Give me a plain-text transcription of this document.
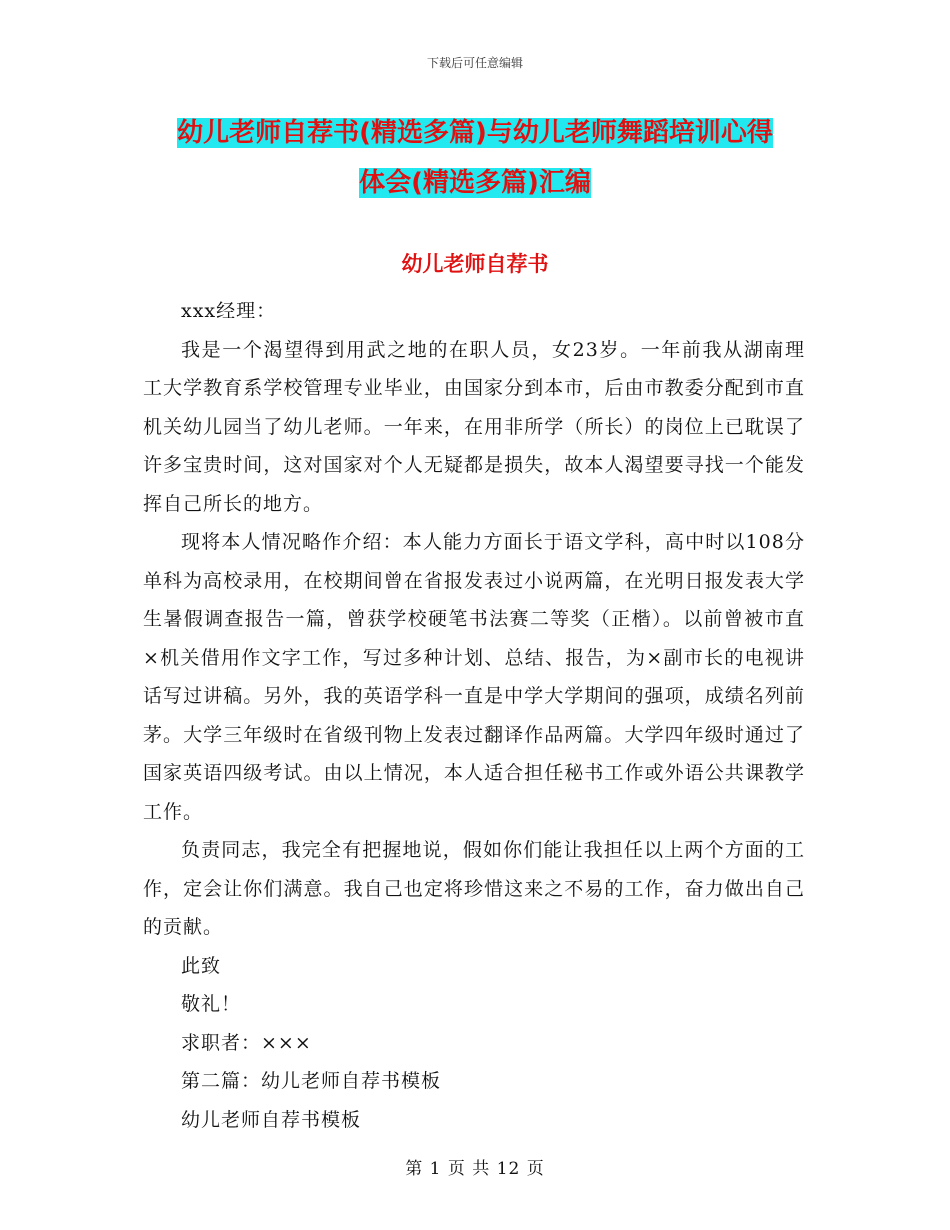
下载后可任意编辑
幼儿老师自荐书(精选多篇)与幼儿老师舞蹈培训心得
体会(精选多篇)汇编
幼儿老师自荐书

xxx经理：

我是一个渴望得到用武之地的在职人员，女23岁。一年前我从湖南理工大学教育系学校管理专业毕业，由国家分到本市，后由市教委分配到市直机关幼儿园当了幼儿老师。一年来，在用非所学（所长）的岗位上已耽误了许多宝贵时间，这对国家对个人无疑都是损失，故本人渴望要寻找一个能发挥自己所长的地方。

现将本人情况略作介绍：本人能力方面长于语文学科，高中时以108分单科为高校录用，在校期间曾在省报发表过小说两篇，在光明日报发表大学生暑假调查报告一篇，曾获学校硬笔书法赛二等奖（正楷）。以前曾被市直×机关借用作文字工作，写过多种计划、总结、报告，为×副市长的电视讲话写过讲稿。另外，我的英语学科一直是中学大学期间的强项，成绩名列前茅。大学三年级时在省级刊物上发表过翻译作品两篇。大学四年级时通过了国家英语四级考试。由以上情况，本人适合担任秘书工作或外语公共课教学工作。

负责同志，我完全有把握地说，假如你们能让我担任以上两个方面的工作，定会让你们满意。我自己也定将珍惜这来之不易的工作，奋力做出自己的贡献。

此致

敬礼！

求职者：×××

第二篇：幼儿老师自荐书模板

幼儿老师自荐书模板

第 1 页 共 12 页
